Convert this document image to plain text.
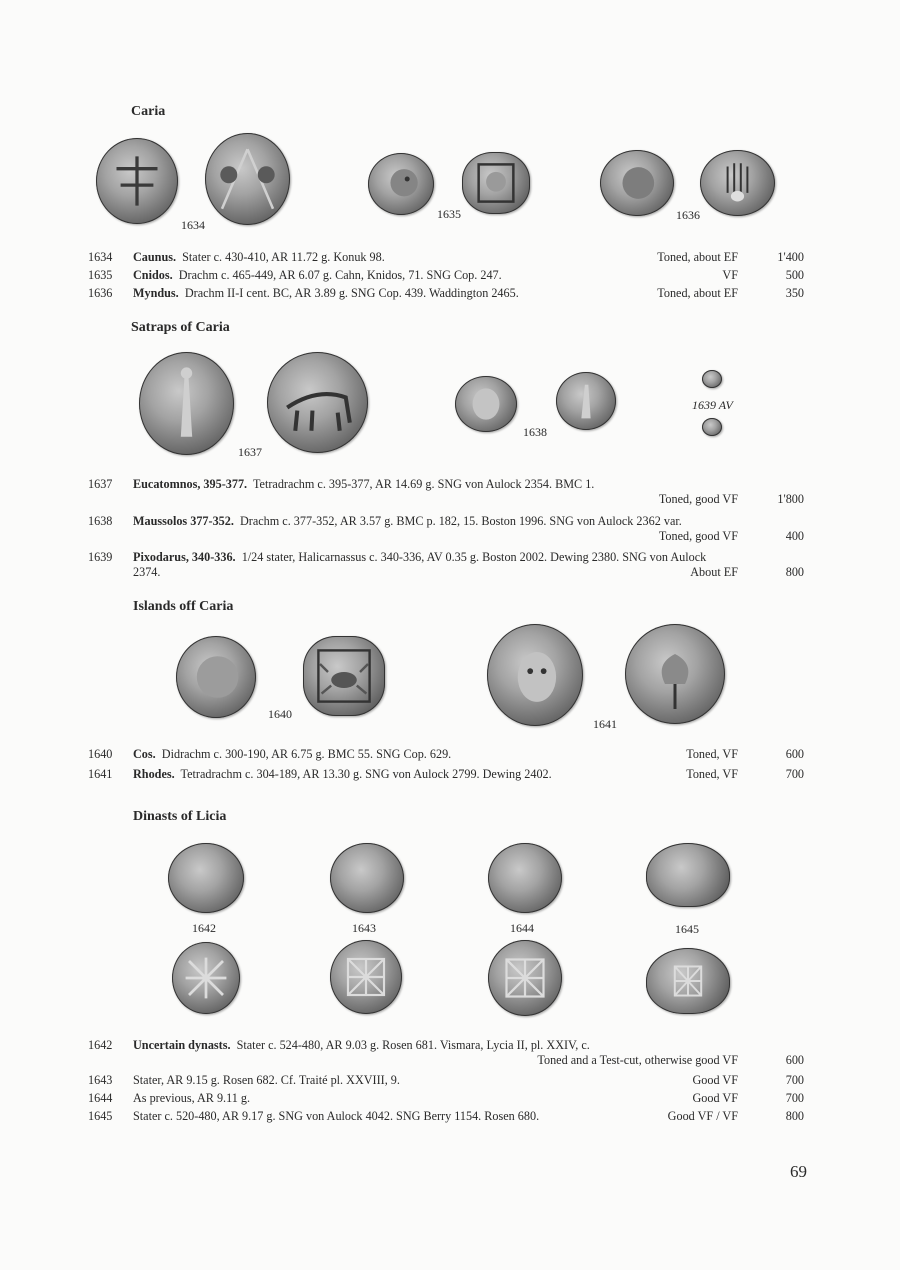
Caria
Satraps of Caria
Islands off Caria
Dinasts of Licia
1634
1635	1636
1634 Caunus. Stater c. 430-410, AR 11.72 g. Konuk 98.	Toned, about EF	1'400
1635 Cnidos. Drachm c. 465-449, AR 6.07 g. Cahn, Knidos, 71. SNG Cop. 247.	VF	500
1636 Myndus. Drachm II-I cent. BC, AR 3.89 g. SNG Cop. 439. Waddington 2465.	Toned, about EF	350
1637
1638
1639 AV
1637 Eucatomnos, 395-377. Tetradrachm c. 395-377, AR 14.69 g. SNG von Aulock 2354. BMC 1.
Toned, good VF	1'800
1638 Maussolos 377-352. Drachm c. 377-352, AR 3.57 g. BMC p. 182, 15. Boston 1996. SNG von Aulock 2362 var.
Toned, good VF	400
1639 Pixodarus, 340-336. 1/24 stater, Halicarnassus c. 340-336, AV 0.35 g. Boston 2002. Dewing 2380. SNG von Aulock
2374.	About EF	800
1640
1641
1640 Cos. Didrachm c. 300-190, AR 6.75 g. BMC 55. SNG Cop. 629.	Toned, VF	600
1641 Rhodes. Tetradrachm c. 304-189, AR 13.30 g. SNG von Aulock 2799. Dewing 2402.	Toned, VF	700
1642	1643	1644	1645
1642 Uncertain dynasts. Stater c. 524-480, AR 9.03 g. Rosen 681. Vismara, Lycia II, pl. XXIV, c.
Toned and a Test-cut, otherwise good VF	600
1643 Stater, AR 9.15 g. Rosen 682. Cf. Traité pl. XXVIII, 9.	Good VF	700
1644 As previous, AR 9.11 g.	Good VF	700
1645 Stater c. 520-480, AR 9.17 g. SNG von Aulock 4042. SNG Berry 1154. Rosen 680.	Good VF / VF	800
69
